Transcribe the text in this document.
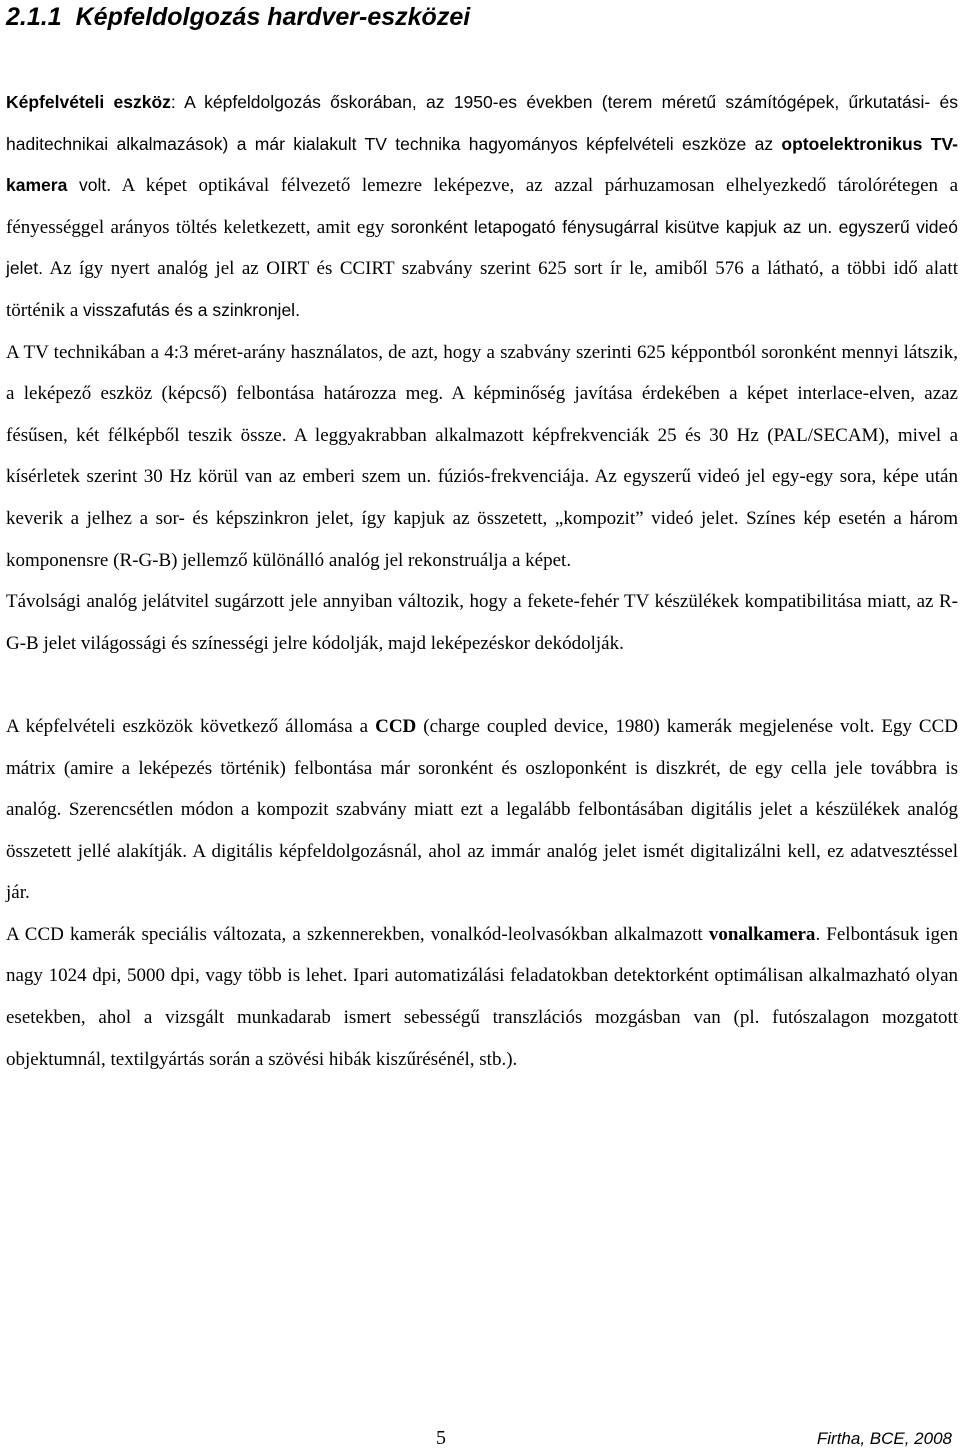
2.1.1 Képfeldolgozás hardver-eszközei

Képfelvételi eszköz: A képfeldolgozás őskorában, az 1950-es években (terem méretű számítógépek, űrkutatási- és haditechnikai alkalmazások) a már kialakult TV technika hagyományos képfelvételi eszköze az optoelektronikus TV-kamera volt. A képet optikával félvezető lemezre leképezve, az azzal párhuzamosan elhelyezkedő tárolórétegen a fényességgel arányos töltés keletkezett, amit egy soronként letapogató fénysugárral kisütve kapjuk az un. egyszerű videó jelet. Az így nyert analóg jel az OIRT és CCIRT szabvány szerint 625 sort ír le, amiből 576 a látható, a többi idő alatt történik a visszafutás és a szinkronjel.

A TV technikában a 4:3 méret-arány használatos, de azt, hogy a szabvány szerinti 625 képpontból soronként mennyi látszik, a leképező eszköz (képcső) felbontása határozza meg. A képminőség javítása érdekében a képet interlace-elven, azaz fésűsen, két félképből teszik össze. A leggyakrabban alkalmazott képfrekvenciák 25 és 30 Hz (PAL/SECAM), mivel a kísérletek szerint 30 Hz körül van az emberi szem un. fúziós-frekvenciája. Az egyszerű videó jel egy-egy sora, képe után keverik a jelhez a sor- és képszinkron jelet, így kapjuk az összetett, „kompozit” videó jelet. Színes kép esetén a három komponensre (R-G-B) jellemző különálló analóg jel rekonstruálja a képet.

Távolsági analóg jelátvitel sugárzott jele annyiban változik, hogy a fekete-fehér TV készülékek kompatibilitása miatt, az R-G-B jelet világossági és színességi jelre kódolják, majd leképezéskor dekódolják.

A képfelvételi eszközök következő állomása a CCD (charge coupled device, 1980) kamerák megjelenése volt. Egy CCD mátrix (amire a leképezés történik) felbontása már soronként és oszloponként is diszkrét, de egy cella jele továbbra is analóg. Szerencsétlen módon a kompozit szabvány miatt ezt a legalább felbontásában digitális jelet a készülékek analóg összetett jellé alakítják. A digitális képfeldolgozásnál, ahol az immár analóg jelet ismét digitalizálni kell, ez adatvesztéssel jár.

A CCD kamerák speciális változata, a szkennerekben, vonalkód-leolvasókban alkalmazott vonalkamera. Felbontásuk igen nagy 1024 dpi, 5000 dpi, vagy több is lehet. Ipari automatizálási feladatokban detektorként optimálisan alkalmazható olyan esetekben, ahol a vizsgált munkadarab ismert sebességű transzlációs mozgásban van (pl. futószalagon mozgatott objektumnál, textilgyártás során a szövési hibák kiszűrésénél, stb.).

5	Firtha, BCE, 2008
